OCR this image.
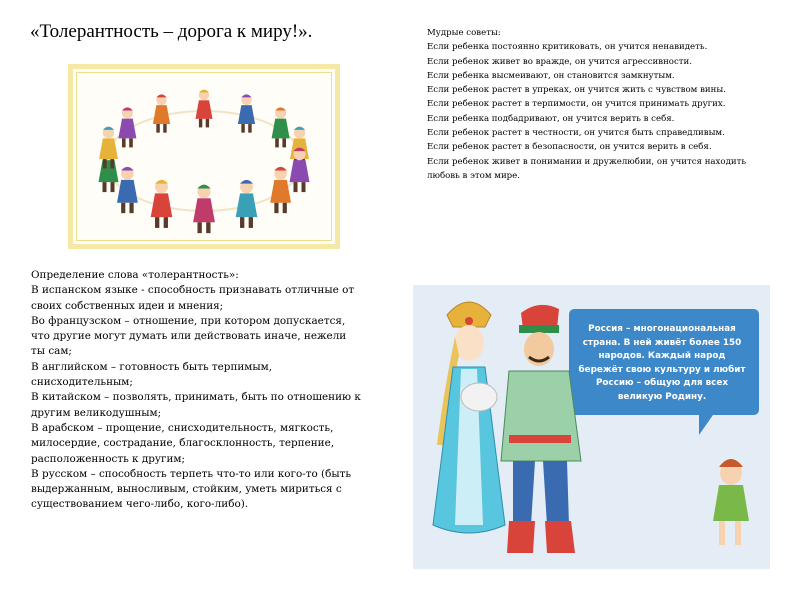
«Толерантность – дорога к миру!».
Определение слова «толерантность»:
В испанском языке - способность признавать отличные от своих собственных идеи и мнения;
Во французском – отношение, при котором допускается, что другие могут думать или действовать иначе, нежели ты сам;
В английском – готовность быть терпимым, снисходительным;
В китайском – позволять, принимать, быть по отношению к другим великодушным;
В арабском – прощение, снисходительность, мягкость, милосердие, сострадание, благосклонность, терпение, расположенность к другим;
В русском – способность терпеть что-то или кого-то (быть выдержанным, выносливым, стойким, уметь мириться с существованием чего-либо, кого-либо).
Мудрые советы:
Если ребенка постоянно критиковать, он учится ненавидеть.
Если ребенок живет во вражде, он учится агрессивности.
Если ребенка высмеивают, он становится замкнутым.
Если ребенок растет в упреках, он учится жить с чувством вины.
Если ребенок растет в терпимости, он учится принимать других.
Если ребенка подбадривают, он учится верить в себя.
Если ребенок растет в честности, он учится быть справедливым.
Если ребенок растет в безопасности, он учится верить в себя.
Если ребенок живет в понимании и дружелюбии, он учится находить любовь в этом мире.
Россия – многонациональная страна. В ней живёт более 150 народов. Каждый народ бережёт свою культуру и любит Россию – общую для всех великую Родину.
